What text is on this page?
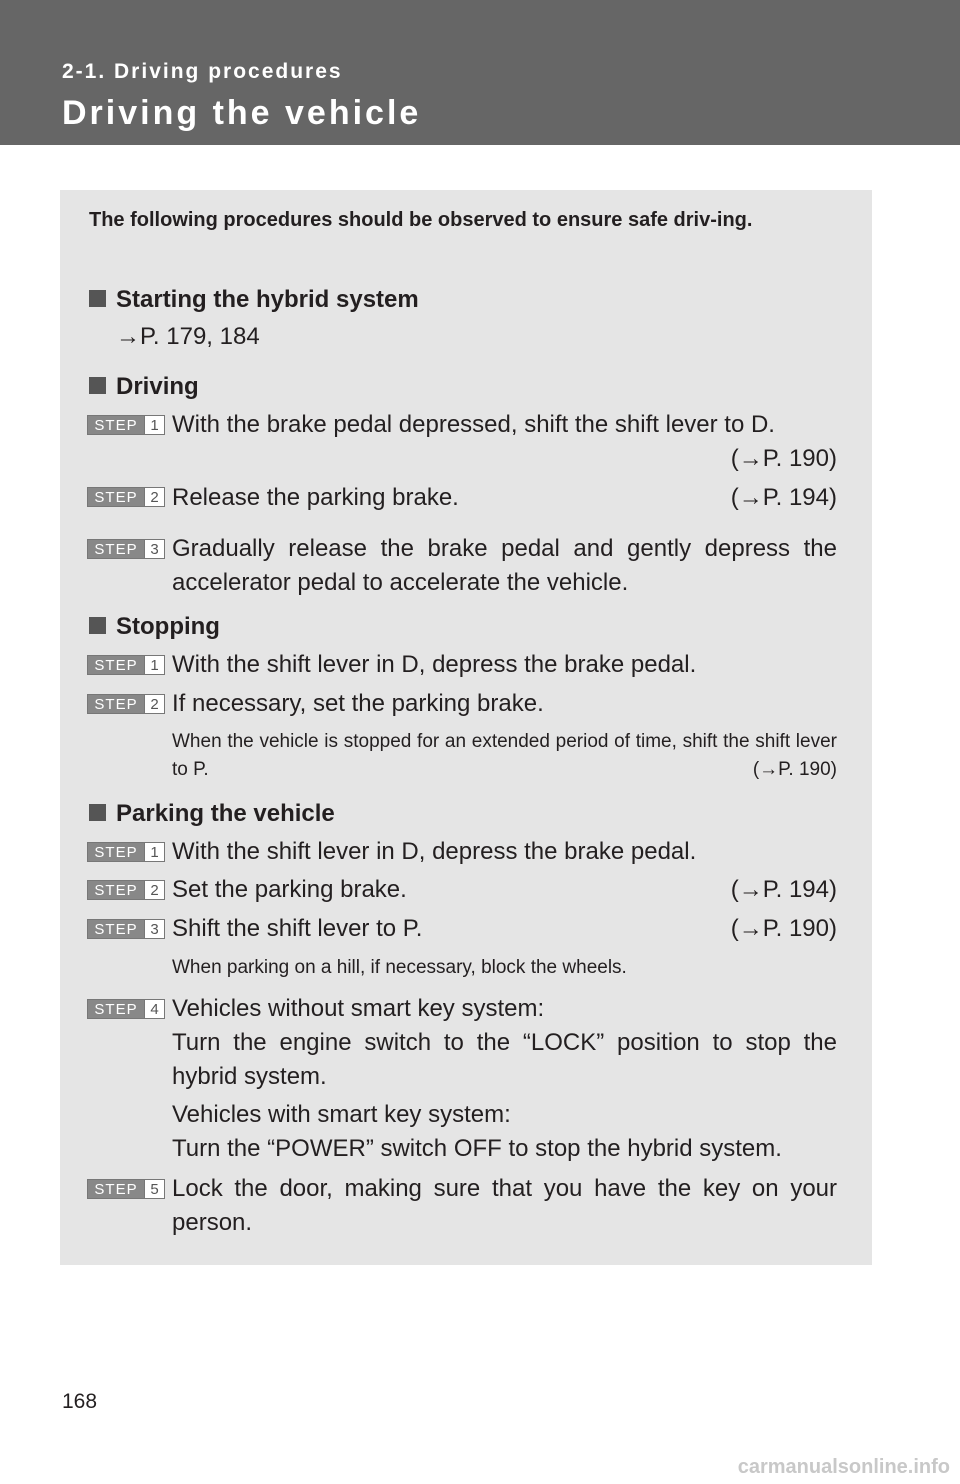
2-1. Driving procedures
Driving the vehicle
The following procedures should be observed to ensure safe driv-ing.
Starting the hybrid system
→P. 179, 184
Driving
STEP 1 With the brake pedal depressed, shift the shift lever to D.
(→P. 190)
STEP 2 Release the parking brake.	(→P. 194)
STEP 3 Gradually release the brake pedal and gently depress the accelerator pedal to accelerate the vehicle.
Stopping
STEP 1 With the shift lever in D, depress the brake pedal.
STEP 2 If necessary, set the parking brake.
When the vehicle is stopped for an extended period of time, shift the shift lever to P.	(→P. 190)
Parking the vehicle
STEP 1 With the shift lever in D, depress the brake pedal.
STEP 2 Set the parking brake.	(→P. 194)
STEP 3 Shift the shift lever to P.	(→P. 190)
When parking on a hill, if necessary, block the wheels.
STEP 4 Vehicles without smart key system:
Turn the engine switch to the “LOCK” position to stop the hybrid system.
Vehicles with smart key system:
Turn the “POWER” switch OFF to stop the hybrid system.
STEP 5 Lock the door, making sure that you have the key on your person.
168
carmanualsonline.info
